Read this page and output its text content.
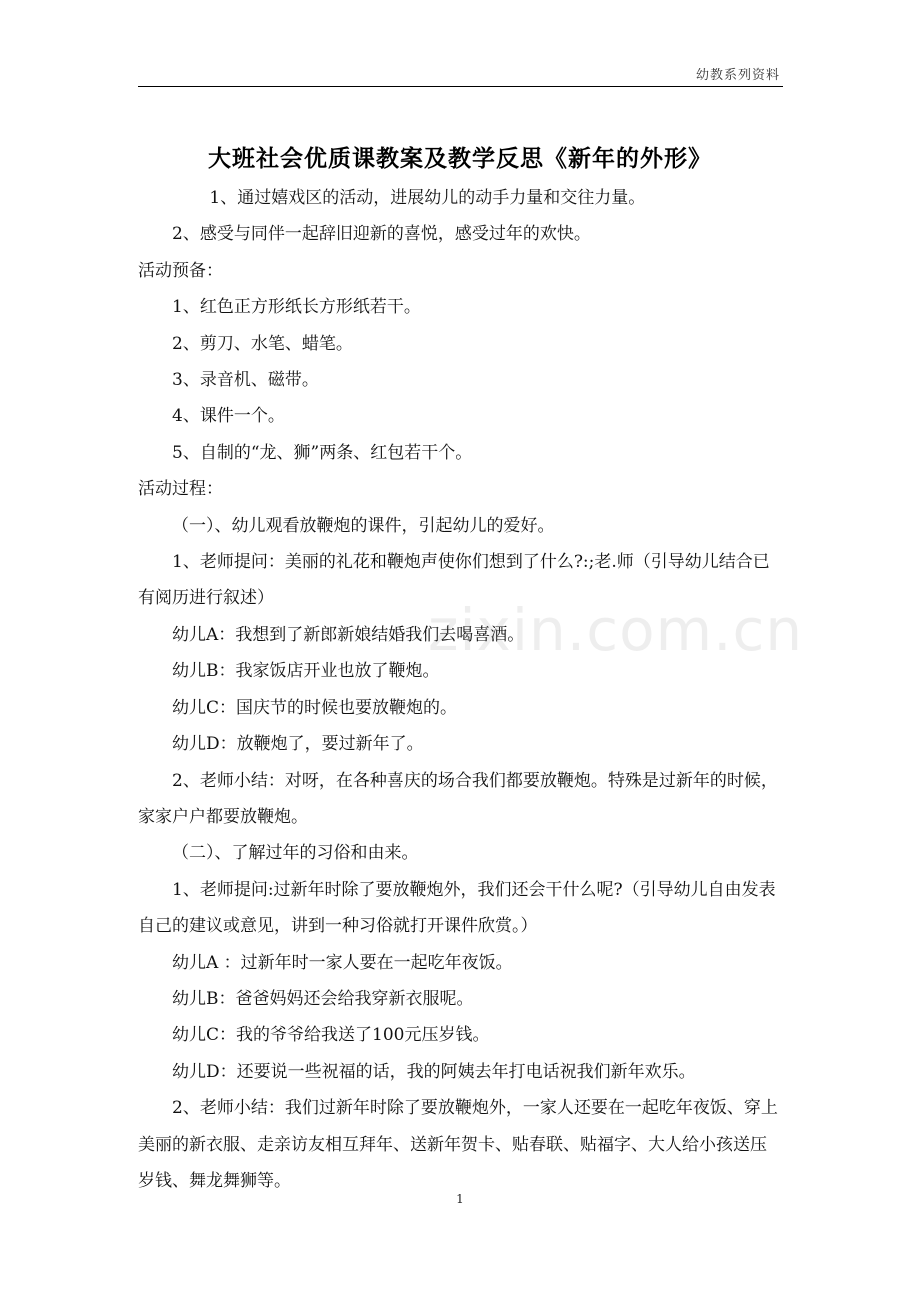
幼教系列资料
大班社会优质课教案及教学反思《新年的外形》

1、通过嬉戏区的活动，进展幼儿的动手力量和交往力量。

2、感受与同伴一起辞旧迎新的喜悦，感受过年的欢快。

活动预备：

1、红色正方形纸长方形纸若干。

2、剪刀、水笔、蜡笔。

3、录音机、磁带。

4、课件一个。

5、自制的“龙、狮”两条、红包若干个。

活动过程：

（一）、幼儿观看放鞭炮的课件，引起幼儿的爱好。

1、老师提问：美丽的礼花和鞭炮声使你们想到了什么?:;老.师（引导幼儿结合已有阅历进行叙述）

幼儿A：我想到了新郎新娘结婚我们去喝喜酒。

幼儿B：我家饭店开业也放了鞭炮。

幼儿C：国庆节的时候也要放鞭炮的。

幼儿D：放鞭炮了，要过新年了。

2、老师小结：对呀，在各种喜庆的场合我们都要放鞭炮。特殊是过新年的时候，家家户户都要放鞭炮。

（二）、了解过年的习俗和由来。

1、老师提问:过新年时除了要放鞭炮外，我们还会干什么呢?（引导幼儿自由发表自己的建议或意见，讲到一种习俗就打开课件欣赏。）

幼儿A ：过新年时一家人要在一起吃年夜饭。

幼儿B：爸爸妈妈还会给我穿新衣服呢。

幼儿C：我的爷爷给我送了100元压岁钱。

幼儿D：还要说一些祝福的话，我的阿姨去年打电话祝我们新年欢乐。

2、老师小结：我们过新年时除了要放鞭炮外，一家人还要在一起吃年夜饭、穿上美丽的新衣服、走亲访友相互拜年、送新年贺卡、贴春联、贴福字、大人给小孩送压岁钱、舞龙舞狮等。

zixin.com.cn
1
